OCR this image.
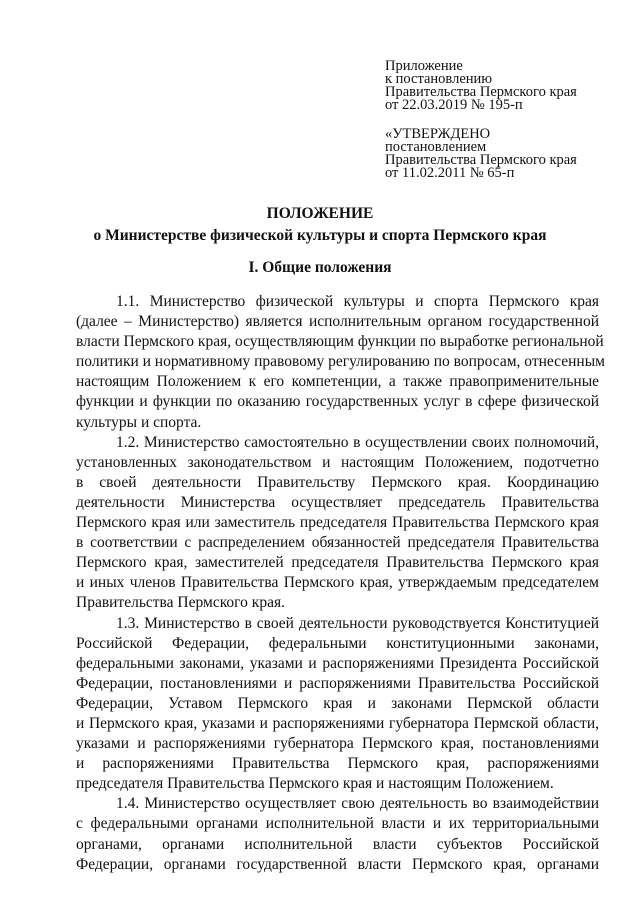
Приложение
к постановлению
Правительства Пермского края
от 22.03.2019 № 195-п
«УТВЕРЖДЕНО
постановлением
Правительства Пермского края
от 11.02.2011 № 65-п
ПОЛОЖЕНИЕ
о Министерстве физической культуры и спорта Пермского края
I. Общие положения

1.1. Министерство физической культуры и спорта Пермского края

(далее – Министерство) является исполнительным органом государственной

власти Пермского края, осуществляющим функции по выработке региональной

политики и нормативному правовому регулированию по вопросам, отнесенным

настоящим Положением к его компетенции, а также правоприменительные

функции и функции по оказанию государственных услуг в сфере физической

культуры и спорта.

1.2. Министерство самостоятельно в осуществлении своих полномочий,

установленных законодательством и настоящим Положением, подотчетно

в своей деятельности Правительству Пермского края. Координацию

деятельности Министерства осуществляет председатель Правительства

Пермского края или заместитель председателя Правительства Пермского края

в соответствии с распределением обязанностей председателя Правительства

Пермского края, заместителей председателя Правительства Пермского края

и иных членов Правительства Пермского края, утверждаемым председателем

Правительства Пермского края.

1.3. Министерство в своей деятельности руководствуется Конституцией

Российской Федерации, федеральными конституционными законами,

федеральными законами, указами и распоряжениями Президента Российской

Федерации, постановлениями и распоряжениями Правительства Российской

Федерации, Уставом Пермского края и законами Пермской области

и Пермского края, указами и распоряжениями губернатора Пермской области,

указами и распоряжениями губернатора Пермского края, постановлениями

и распоряжениями Правительства Пермского края, распоряжениями

председателя Правительства Пермского края и настоящим Положением.

1.4. Министерство осуществляет свою деятельность во взаимодействии

с федеральными органами исполнительной власти и их территориальными

органами, органами исполнительной власти субъектов Российской

Федерации, органами государственной власти Пермского края, органами
